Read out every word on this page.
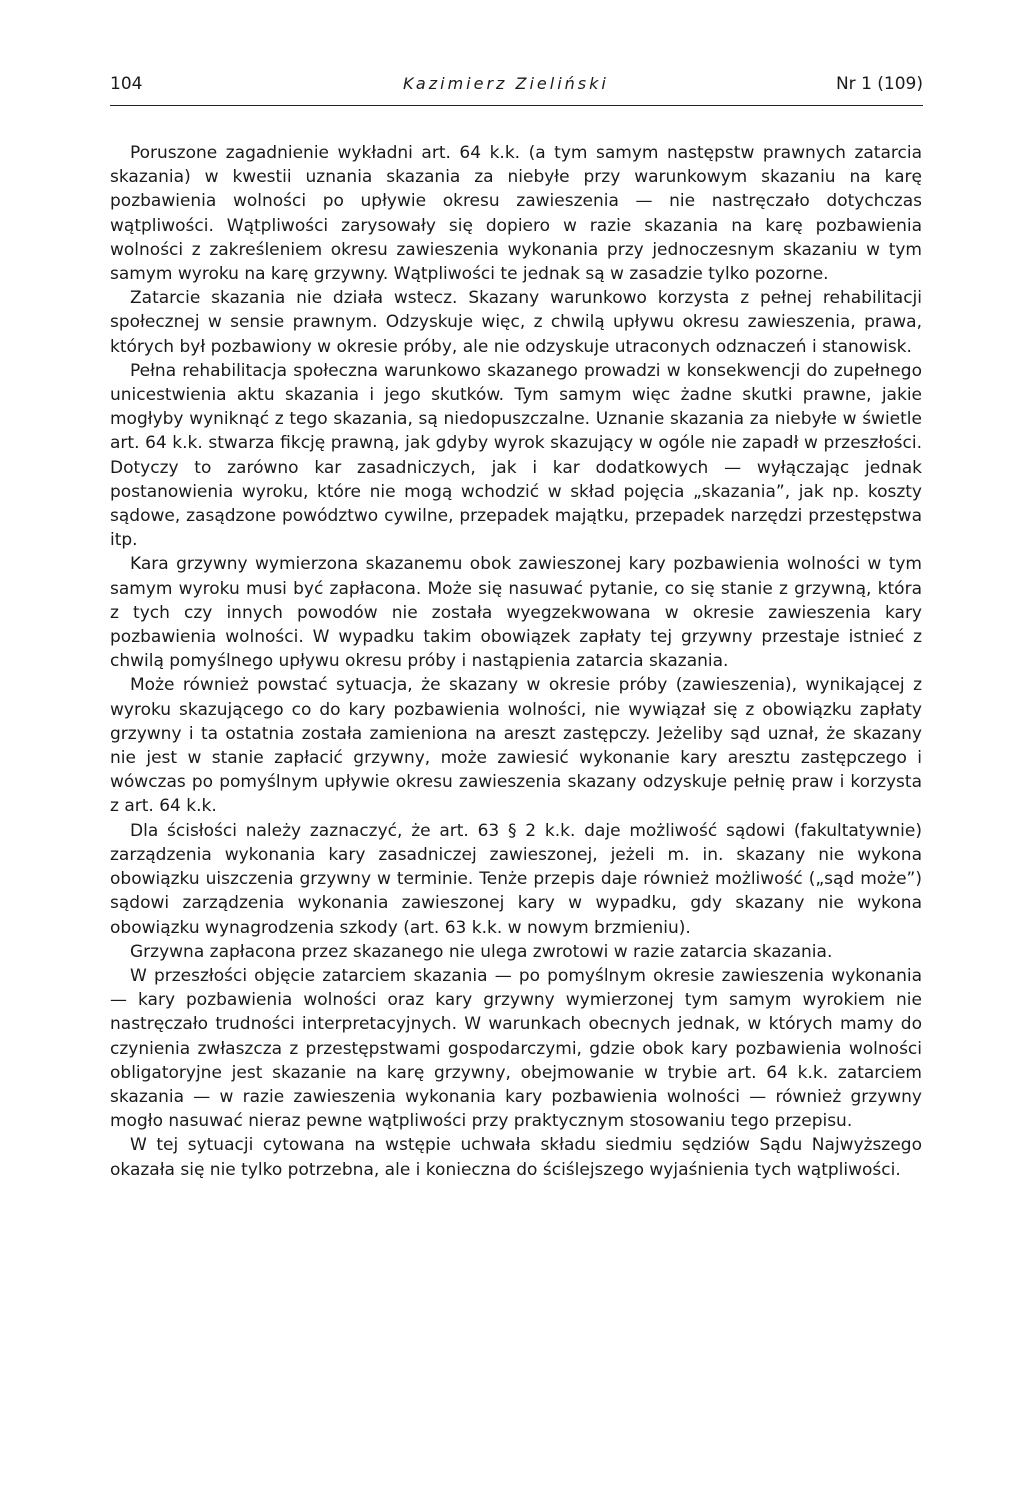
104	Kazimierz Zieliński	Nr 1 (109)

Poruszone zagadnienie wykładni art. 64 k.k. (a tym samym następstw prawnych zatarcia skazania) w kwestii uznania skazania za niebyłe przy warunkowym skazaniu na karę pozbawienia wolności po upływie okresu zawieszenia — nie nastręczało dotychczas wątpliwości. Wątpliwości zarysowały się dopiero w razie skazania na karę pozbawienia wolności z zakreśleniem okresu zawieszenia wykonania przy jednoczesnym skazaniu w tym samym wyroku na karę grzywny. Wątpliwości te jednak są w zasadzie tylko pozorne.

Zatarcie skazania nie działa wstecz. Skazany warunkowo korzysta z pełnej rehabilitacji społecznej w sensie prawnym. Odzyskuje więc, z chwilą upływu okresu zawieszenia, prawa, których był pozbawiony w okresie próby, ale nie odzyskuje utraconych odznaczeń i stanowisk.

Pełna rehabilitacja społeczna warunkowo skazanego prowadzi w konsekwencji do zupełnego unicestwienia aktu skazania i jego skutków. Tym samym więc żadne skutki prawne, jakie mogłyby wyniknąć z tego skazania, są niedopuszczalne. Uznanie skazania za niebyłe w świetle art. 64 k.k. stwarza fikcję prawną, jak gdyby wyrok skazujący w ogóle nie zapadł w przeszłości. Dotyczy to zarówno kar zasadniczych, jak i kar dodatkowych — wyłączając jednak postanowienia wyroku, które nie mogą wchodzić w skład pojęcia „skazania”, jak np. koszty sądowe, zasądzone powództwo cywilne, przepadek majątku, przepadek narzędzi przestępstwa itp.

Kara grzywny wymierzona skazanemu obok zawieszonej kary pozbawienia wolności w tym samym wyroku musi być zapłacona. Może się nasuwać pytanie, co się stanie z grzywną, która z tych czy innych powodów nie została wyegzekwowana w okresie zawieszenia kary pozbawienia wolności. W wypadku takim obowiązek zapłaty tej grzywny przestaje istnieć z chwilą pomyślnego upływu okresu próby i nastąpienia zatarcia skazania.

Może również powstać sytuacja, że skazany w okresie próby (zawieszenia), wynikającej z wyroku skazującego co do kary pozbawienia wolności, nie wywiązał się z obowiązku zapłaty grzywny i ta ostatnia została zamieniona na areszt zastępczy. Jeżeliby sąd uznał, że skazany nie jest w stanie zapłacić grzywny, może zawiesić wykonanie kary aresztu zastępczego i wówczas po pomyślnym upływie okresu zawieszenia skazany odzyskuje pełnię praw i korzysta z art. 64 k.k.

Dla ścisłości należy zaznaczyć, że art. 63 § 2 k.k. daje możliwość sądowi (fakultatywnie) zarządzenia wykonania kary zasadniczej zawieszonej, jeżeli m. in. skazany nie wykona obowiązku uiszczenia grzywny w terminie. Tenże przepis daje również możliwość („sąd może”) sądowi zarządzenia wykonania zawieszonej kary w wypadku, gdy skazany nie wykona obowiązku wynagrodzenia szkody (art. 63 k.k. w nowym brzmieniu).

Grzywna zapłacona przez skazanego nie ulega zwrotowi w razie zatarcia skazania.

W przeszłości objęcie zatarciem skazania — po pomyślnym okresie zawieszenia wykonania — kary pozbawienia wolności oraz kary grzywny wymierzonej tym samym wyrokiem nie nastręczało trudności interpretacyjnych. W warunkach obecnych jednak, w których mamy do czynienia zwłaszcza z przestępstwami gospodarczymi, gdzie obok kary pozbawienia wolności obligatoryjne jest skazanie na karę grzywny, obejmowanie w trybie art. 64 k.k. zatarciem skazania — w razie zawieszenia wykonania kary pozbawienia wolności — również grzywny mogło nasuwać nieraz pewne wątpliwości przy praktycznym stosowaniu tego przepisu.

W tej sytuacji cytowana na wstępie uchwała składu siedmiu sędziów Sądu Najwyższego okazała się nie tylko potrzebna, ale i konieczna do ściślejszego wyjaśnienia tych wątpliwości.
